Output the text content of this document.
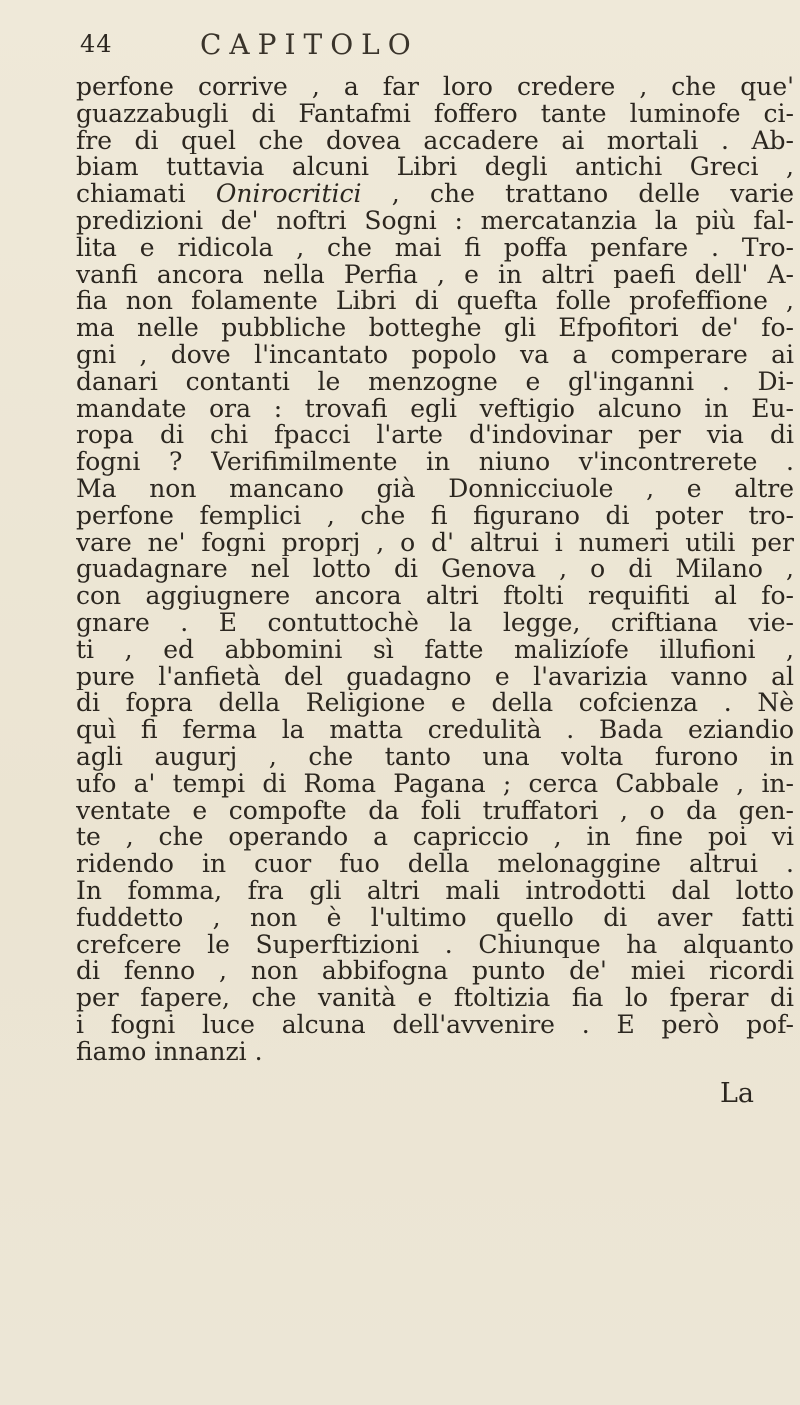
44	CAPITOLO
perfone corrive , a far loro credere , che que'
guazzabugli di Fantafmi foffero tante luminofe ci-
fre di quel che dovea accadere ai mortali . Ab-
biam tuttavia alcuni Libri degli antichi Greci ,
chiamati Onirocritici , che trattano delle varie
predizioni de' noftri Sogni : mercatanzia la più fal-
lita e ridicola , che mai fi poffa penfare . Tro-
vanfi ancora nella Perfia , e in altri paefi dell' A-
fia non folamente Libri di quefta folle profeffione ,
ma nelle pubbliche botteghe gli Efpofitori de' fo-
gni , dove l'incantato popolo va a comperare ai
danari contanti le menzogne e gl'inganni . Di-
mandate ora : trovafi egli veftigio alcuno in Eu-
ropa di chi fpacci l'arte d'indovinar per via di
fogni ? Verifimilmente in niuno v'incontrerete .
Ma non mancano già Donnicciuole , e altre
perfone femplici , che fi figurano di poter tro-
vare ne' fogni proprj , o d' altrui i numeri utili per
guadagnare nel lotto di Genova , o di Milano ,
con aggiugnere ancora altri ftolti requifiti al fo-
gnare . E contuttochè la legge, criftiana vie-
ti , ed abbomini sì fatte malizíofe illufioni ,
pure l'anfietà del guadagno e l'avarizia vanno al
di fopra della Religione e della cofcienza . Nè
quì fi ferma la matta credulità . Bada eziandio
agli augurj , che tanto una volta furono in
ufo a' tempi di Roma Pagana ; cerca Cabbale , in-
ventate e compofte da foli truffatori , o da gen-
te , che operando a capriccio , in fine poi vi
ridendo in cuor fuo della melonaggine altrui .
In fomma, fra gli altri mali introdotti dal lotto
fuddetto , non è l'ultimo quello di aver fatti
crefcere le Superftizioni . Chiunque ha alquanto
di fenno , non abbifogna punto de' miei ricordi
per fapere, che vanità e ftoltizia fia lo fperar di
i fogni luce alcuna dell'avvenire . E però pof-
fiamo innanzi .
La
